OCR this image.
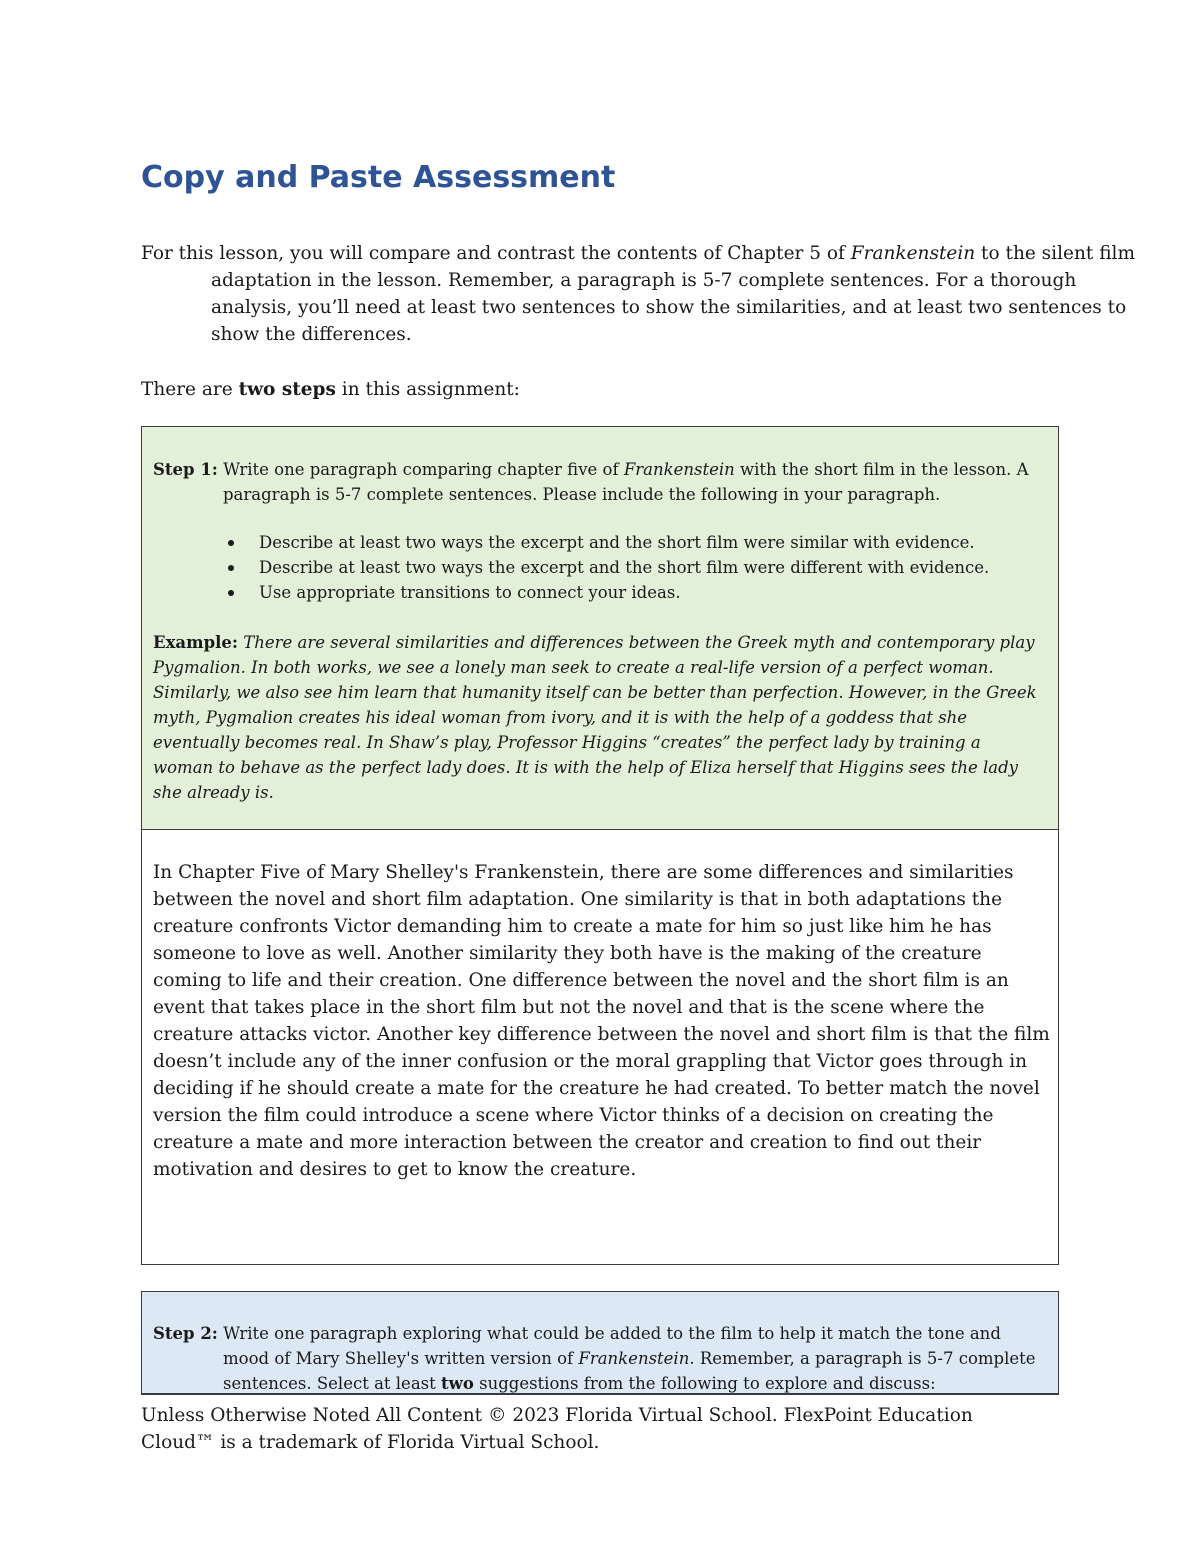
Copy and Paste Assessment

For this lesson, you will compare and contrast the contents of Chapter 5 of Frankenstein to the silent film adaptation in the lesson. Remember, a paragraph is 5-7 complete sentences. For a thorough analysis, you’ll need at least two sentences to show the similarities, and at least two sentences to show the differences.

There are two steps in this assignment:

Step 1: Write one paragraph comparing chapter five of Frankenstein with the short film in the lesson. A paragraph is 5-7 complete sentences. Please include the following in your paragraph.

Describe at least two ways the excerpt and the short film were similar with evidence.
Describe at least two ways the excerpt and the short film were different with evidence.
Use appropriate transitions to connect your ideas.

Example: There are several similarities and differences between the Greek myth and contemporary play Pygmalion. In both works, we see a lonely man seek to create a real-life version of a perfect woman. Similarly, we also see him learn that humanity itself can be better than perfection. However, in the Greek myth, Pygmalion creates his ideal woman from ivory, and it is with the help of a goddess that she eventually becomes real. In Shaw’s play, Professor Higgins “creates” the perfect lady by training a woman to behave as the perfect lady does. It is with the help of Eliza herself that Higgins sees the lady she already is.

In Chapter Five of Mary Shelley's Frankenstein, there are some differences and similarities between the novel and short film adaptation. One similarity is that in both adaptations the creature confronts Victor demanding him to create a mate for him so just like him he has someone to love as well. Another similarity they both have is the making of the creature coming to life and their creation. One difference between the novel and the short film is an event that takes place in the short film but not the novel and that is the scene where the creature attacks victor. Another key difference between the novel and short film is that the film doesn’t include any of the inner confusion or the moral grappling that Victor goes through in deciding if he should create a mate for the creature he had created. To better match the novel version the film could introduce a scene where Victor thinks of a decision on creating the creature a mate and more interaction between the creator and creation to find out their motivation and desires to get to know the creature.

Step 2: Write one paragraph exploring what could be added to the film to help it match the tone and mood of Mary Shelley's written version of Frankenstein. Remember, a paragraph is 5-7 complete sentences. Select at least two suggestions from the following to explore and discuss:

Unless Otherwise Noted All Content © 2023 Florida Virtual School. FlexPoint Education Cloud™ is a trademark of Florida Virtual School.
